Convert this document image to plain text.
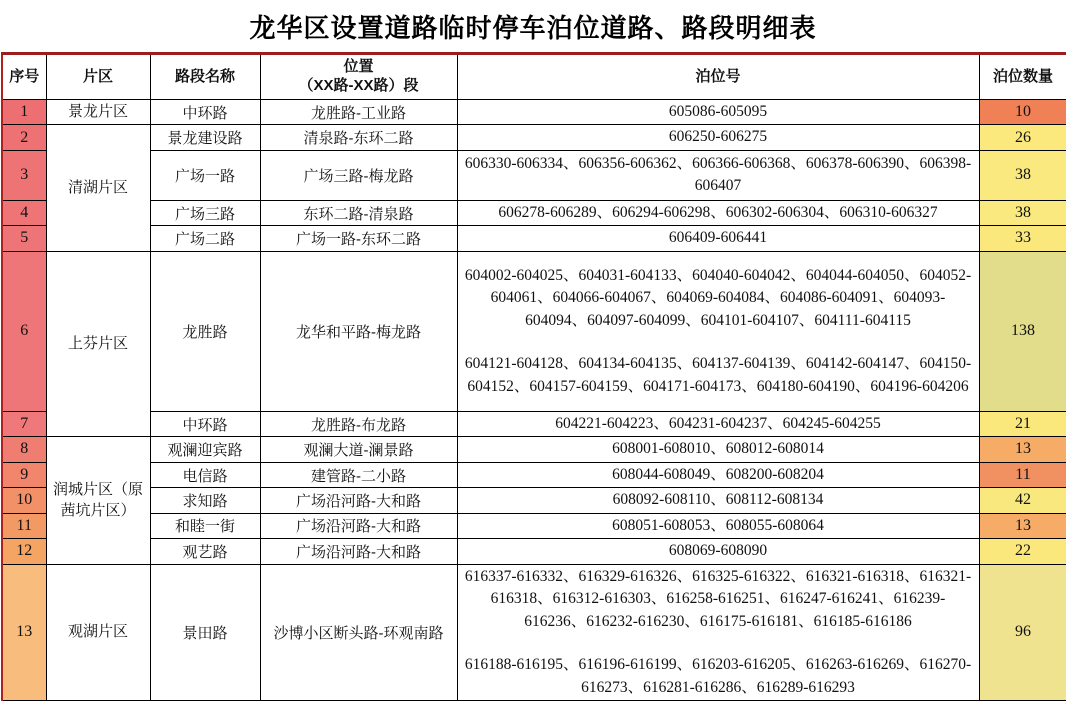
龙华区设置道路临时停车泊位道路、路段明细表
序号	片区	路段名称	位置
（XX路-XX路）段	泊位号	泊位数量
1	景龙片区	中环路	龙胜路-工业路	605086-605095	10
2	清湖片区	景龙建设路	清泉路-东环二路	606250-606275	26
3		广场一路	广场三路-梅龙路	606330-606334、606356-606362、606366-606368、606378-606390、606398-606407	38
4		广场三路	东环二路-清泉路	606278-606289、606294-606298、606302-606304、606310-606327	38
5		广场二路	广场一路-东环二路	606409-606441	33
6	上芬片区	龙胜路	龙华和平路-梅龙路	604002-604025、604031-604133、604040-604042、604044-604050、604052-604061、604066-604067、604069-604084、604086-604091、604093-604094、604097-604099、604101-604107、604111-604115
604121-604128、604134-604135、604137-604139、604142-604147、604150-604152、604157-604159、604171-604173、604180-604190、604196-604206	138
7		中环路	龙胜路-布龙路	604221-604223、604231-604237、604245-604255	21
8	润城片区（原茜坑片区）	观澜迎宾路	观澜大道-澜景路	608001-608010、608012-608014	13
9		电信路	建管路-二小路	608044-608049、608200-608204	11
10		求知路	广场沿河路-大和路	608092-608110、608112-608134	42
11		和睦一街	广场沿河路-大和路	608051-608053、608055-608064	13
12		观艺路	广场沿河路-大和路	608069-608090	22
13	观湖片区	景田路	沙博小区断头路-环观南路	616337-616332、616329-616326、616325-616322、616321-616318、616321-616318、616312-616303、616258-616251、616247-616241、616239-616236、616232-616230、616175-616181、616185-616186
616188-616195、616196-616199、616203-616205、616263-616269、616270-616273、616281-616286、616289-616293	96
